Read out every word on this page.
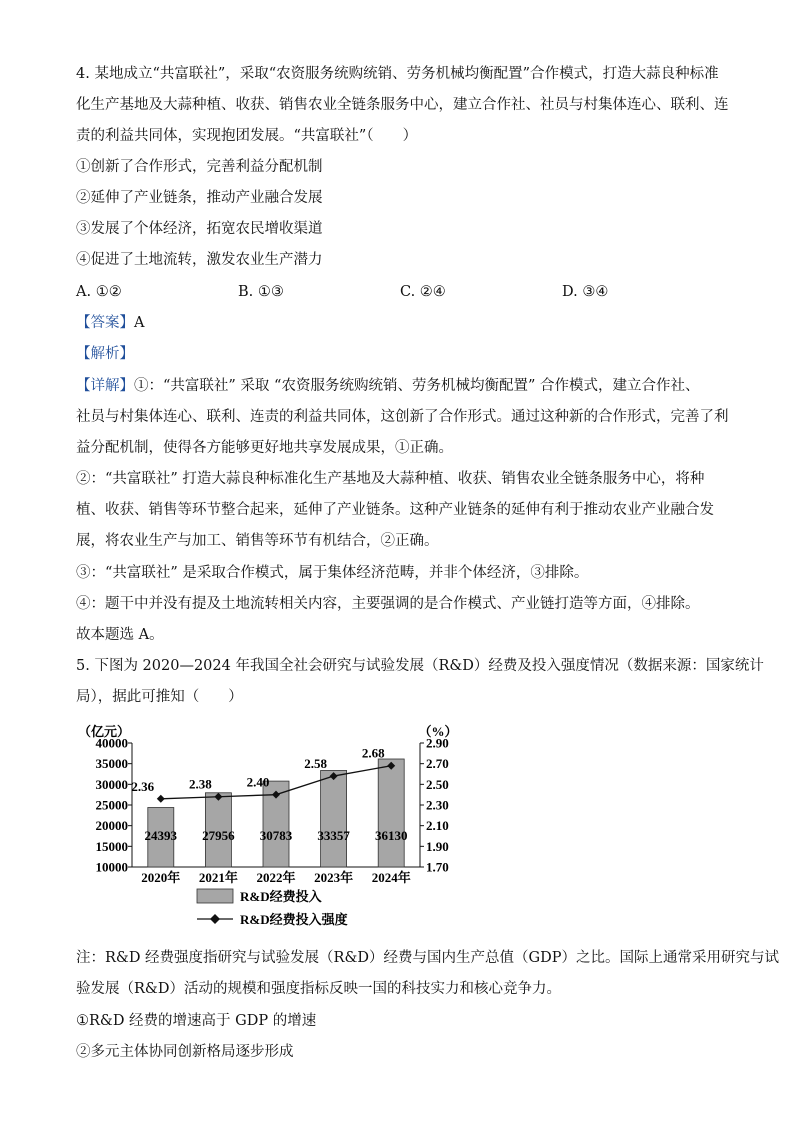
4. 某地成立“共富联社”，采取“农资服务统购统销、劳务机械均衡配置”合作模式，打造大蒜良种标准
化生产基地及大蒜种植、收获、销售农业全链条服务中心，建立合作社、社员与村集体连心、联利、连
责的利益共同体，实现抱团发展。“共富联社”（　　）
①创新了合作形式，完善利益分配机制
②延伸了产业链条，推动产业融合发展
③发展了个体经济，拓宽农民增收渠道
④促进了土地流转，激发农业生产潜力
A. ①②	B. ①③	C. ②④	D. ③④
【答案】A
【解析】
【详解】①：“共富联社” 采取 “农资服务统购统销、劳务机械均衡配置” 合作模式，建立合作社、
社员与村集体连心、联利、连责的利益共同体，这创新了合作形式。通过这种新的合作形式，完善了利
益分配机制，使得各方能够更好地共享发展成果，①正确。
②：“共富联社” 打造大蒜良种标准化生产基地及大蒜种植、收获、销售农业全链条服务中心，将种
植、收获、销售等环节整合起来，延伸了产业链条。这种产业链条的延伸有利于推动农业产业融合发
展，将农业生产与加工、销售等环节有机结合，②正确。
③：“共富联社” 是采取合作模式，属于集体经济范畴，并非个体经济，③排除。
④：题干中并没有提及土地流转相关内容，主要强调的是合作模式、产业链打造等方面，④排除。
故本题选 A。
5. 下图为 2020—2024 年我国全社会研究与试验发展（R&D）经费及投入强度情况（数据来源：国家统计
局），据此可推知（　　）
（亿元）	（%）
40000
35000
30000
25000
20000
15000
10000
2.90
2.70
2.50
2.30
2.10
1.90
1.70
24393 27956 30783 33357 36130
2.36	2.38	2.40
2.58
2.68
2020年 2021年 2022年 2023年 2024年
R&D经费投入
R&D经费投入强度
注：R&D 经费强度指研究与试验发展（R&D）经费与国内生产总值（GDP）之比。国际上通常采用研究与试
验发展（R&D）活动的规模和强度指标反映一国的科技实力和核心竞争力。
①R&D 经费的增速高于 GDP 的增速
②多元主体协同创新格局逐步形成
